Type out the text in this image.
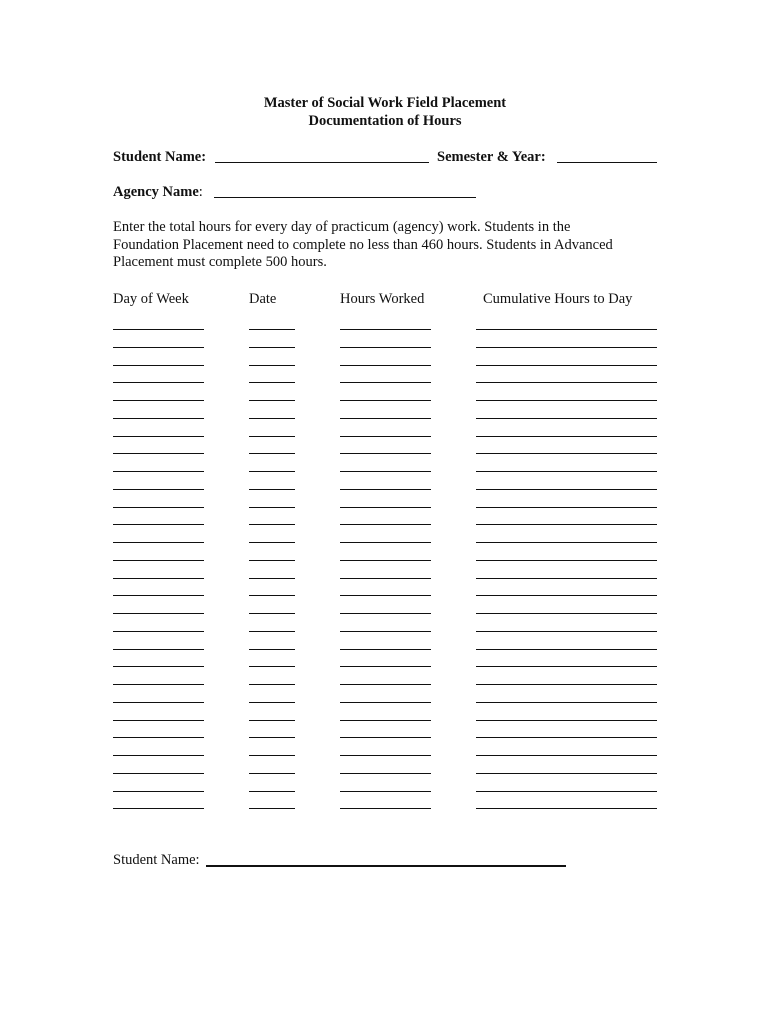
Master of Social Work Field Placement
Documentation of Hours
Student Name:	Semester & Year:
Agency Name:
Enter the total hours for every day of practicum (agency) work. Students in the
Foundation Placement need to complete no less than 460 hours. Students in Advanced
Placement must complete 500 hours.
Day of Week	Date	Hours Worked	Cumulative Hours to Day
Student Name:
